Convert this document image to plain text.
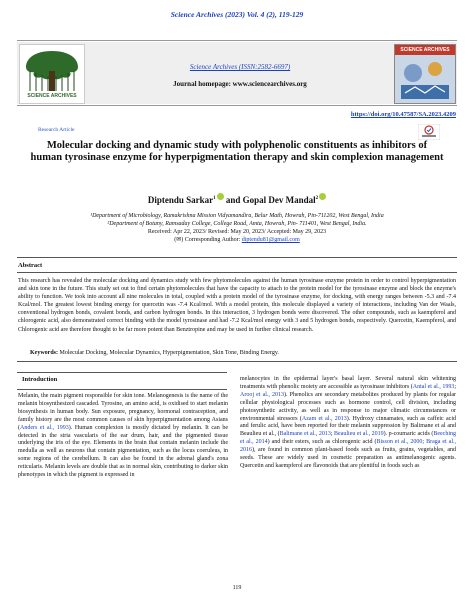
Science Archives (2023) Vol. 4 (2), 119-129
SCIENCE ARCHIVES
Science Archives (ISSN:2582-6697)
Journal homepage: www.sciencearchives.org
SCIENCE ARCHIVES
https://doi.org/10.47587/SA.2023.4209
Research Article
Molecular docking and dynamic study with polyphenolic constituents as inhibitors of human tyrosinase enzyme for hyperpigmentation therapy and skin complexion management
Diptendu Sarkar$^1$ and Gopal Dev Mandal$^2$
¹Department of Microbiology, Ramakrishna Mission Vidyamandira, Belur Math, Howrah, Pin-711202, West Bengal, India
²Department of Botany, Ramsaday College, College Road, Amta, Howrah, Pin- 711401, West Bengal, India.
Received: Apr 22, 2023/ Revised: May 20, 2023/ Accepted: May 29, 2023
(✉) Corresponding Author: diptendu81@gmail.com
Abstract
This research has revealed the molecular docking and dynamics study with few phytomolecules against the human tyrosinase enzyme protein in order to control hyperpigmentation and skin tone in the future. This study set out to find certain phytomolecules that have the capacity to attach to the protein model for the tyrosinase enzyme and block the enzyme's ability to function. We took into account all nine molecules in total, coupled with a protein model of the tyrosinase enzyme, for docking, with energy ranges between -5.3 and -7.4 Kcal/mol. The greatest lowest binding energy for quercetin was -7.4 Kcal/mol. With a model protein, this molecule displayed a variety of interactions, including Van der Waals, conventional hydrogen bonds, covalent bonds, and carbon hydrogen bonds. In this interaction, 3 hydrogen bonds were discovered. The other compounds, such as kaempferol and chlorogenic acid, also demonstrated correct binding with the model tyrosinase and had -7.2 Kcal/mol energy with 3 and 5 hydrogen bonds, respectively. Quercetin, Kaempferol, and Chlorogenic acid are therefore thought to be far more potent than Benztropine and may be used in further clinical research.
Keywords: Molecular Docking, Molecular Dynamics, Hyperpigmentation, Skin Tone, Binding Energy.
Introduction
Melanin, the main pigment responsible for skin tone. Melanogenesis is the name of the melanin biosynthesized cascaded. Tyrosine, an amino acid, is oxidised to start melanin biosynthesis in human body. Sun exposure, pregnancy, hormonal contraception, and family history are the most common causes of skin hyperpigmentation among Asians (Anders et al., 1993). Human complexion is mostly dictated by melanin. It can be detected in the stria vascularis of the ear drum, hair, and the pigmented tissue underlying the iris of the eye. Elements in the brain that contain melanin include the medulla as well as neurons that contain pigmentation, such as the locus coeruleus, in some regions of the cerebellum. It can also be found in the adrenal gland's zona reticularis. Melanin levels are double that as in normal skin, contributing to darker skin phenotypes in which the pigment is expressed in
melanocytes in the epidermal layer's basal layer. Several natural skin whitening treatments with phenolic moiety are accessible as tyrosinase inhibitors (Antal et al., 1993; Arooj et al., 2013). Phenolics are secondary metabolites produced by plants for regular cellular physiological processes such as hormone control, cell division, including photosynthetic activity, as well as in response to major climatic circumstances or environmental stressors (Azam et al., 2013). Hydroxy cinnamates, such as caffeic acid and ferulic acid, have been reported for their melanin suppression by Balimane et al and Beaulieu et al., (Balimane et al., 2013; Beaulieu et al., 2019). p-coumaric acids (Beeching et al., 2014) and their esters, such as chlorogenic acid (Bisson et al., 2000; Braga et al., 2016), are found in common plant-based foods such as fruits, grains, vegetables, and seeds. These are widely used in cosmetic preparation as antimelanogenic agents. Quercetin and kaempferol are flavonoids that are plentiful in foods such as
119
